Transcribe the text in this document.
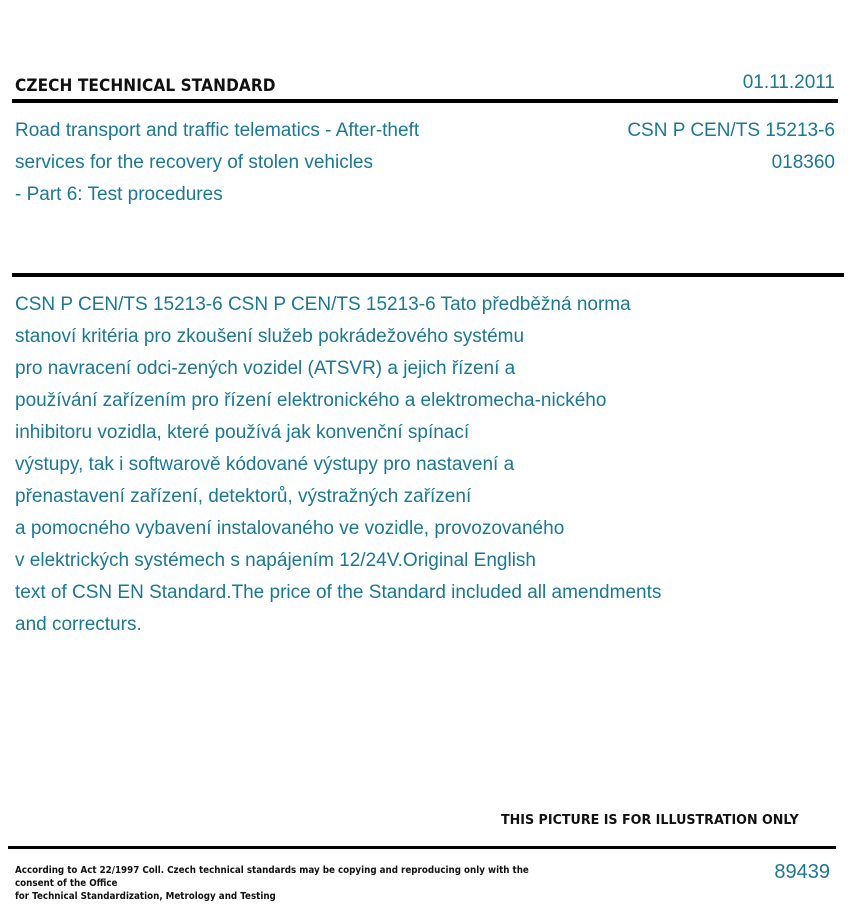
CZECH TECHNICAL STANDARD	01.11.2011
Road transport and traffic telematics - After-theft
services for the recovery of stolen vehicles
- Part 6: Test procedures
CSN P CEN/TS 15213-6
018360
CSN P CEN/TS 15213-6 CSN P CEN/TS 15213-6 Tato předběžná norma
stanoví kritéria pro zkoušení služeb pokrádežového systému
pro navracení odci-zených vozidel (ATSVR) a jejich řízení a
používání zařízením pro řízení elektronického a elektromecha-nického
inhibitoru vozidla, které používá jak konvenční spínací
výstupy, tak i softwarově kódované výstupy pro nastavení a
přenastavení zařízení, detektorů, výstražných zařízení
a pomocného vybavení instalovaného ve vozidle, provozovaného
v elektrických systémech s napájením 12/24V.Original English
text of CSN EN Standard.The price of the Standard included all amendments
and correcturs.
THIS PICTURE IS FOR ILLUSTRATION ONLY
According to Act 22/1997 Coll. Czech technical standards may be copying and reproducing only with the consent of the Office
for Technical Standardization, Metrology and Testing
89439
